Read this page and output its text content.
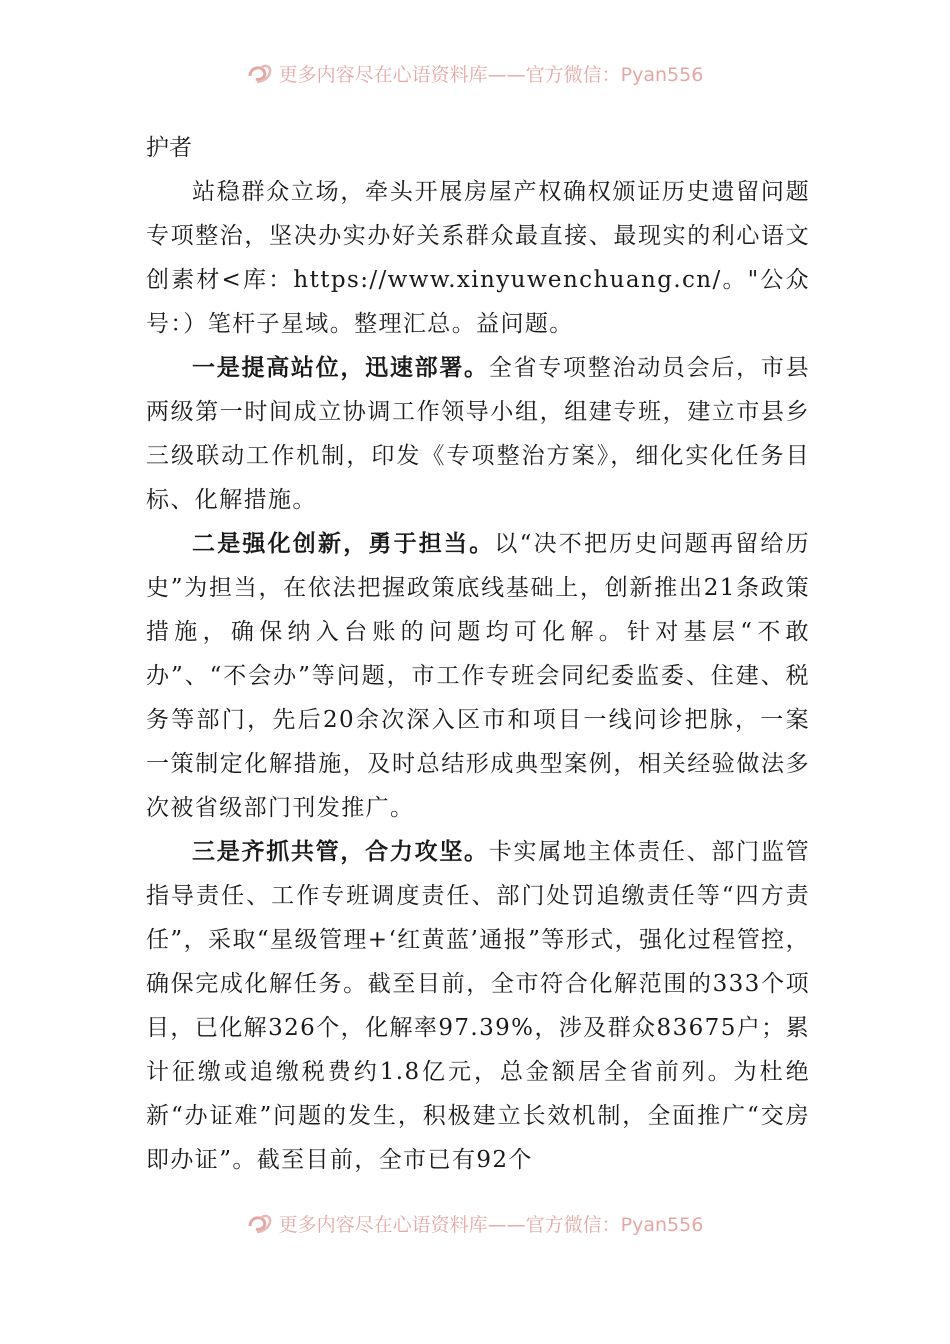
更多内容尽在心语资料库——官方微信：Pyan556
护者

站稳群众立场，牵头开展房屋产权确权颁证历史遗留问题专项整治，坚决办实办好关系群众最直接、最现实的利心语文创素材<库：https://www.xinyuwenchuang.cn/。"公众号：）笔杆子星域。整理汇总。益问题。

一是提高站位，迅速部署。全省专项整治动员会后，市县两级第一时间成立协调工作领导小组，组建专班，建立市县乡三级联动工作机制，印发《专项整治方案》，细化实化任务目标、化解措施。

二是强化创新，勇于担当。以“决不把历史问题再留给历史”为担当，在依法把握政策底线基础上，创新推出21条政策措施，确保纳入台账的问题均可化解。针对基层“不敢办”、“不会办”等问题，市工作专班会同纪委监委、住建、税务等部门，先后20余次深入区市和项目一线问诊把脉，一案一策制定化解措施，及时总结形成典型案例，相关经验做法多次被省级部门刊发推广。

三是齐抓共管，合力攻坚。卡实属地主体责任、部门监管指导责任、工作专班调度责任、部门处罚追缴责任等“四方责任”，采取“星级管理+‘红黄蓝’通报”等形式，强化过程管控，确保完成化解任务。截至目前，全市符合化解范围的333个项目，已化解326个，化解率97.39%，涉及群众83675户；累计征缴或追缴税费约1.8亿元，总金额居全省前列。为杜绝新“办证难”问题的发生，积极建立长效机制，全面推广“交房即办证”。截至目前，全市已有92个

更多内容尽在心语资料库——官方微信：Pyan556
